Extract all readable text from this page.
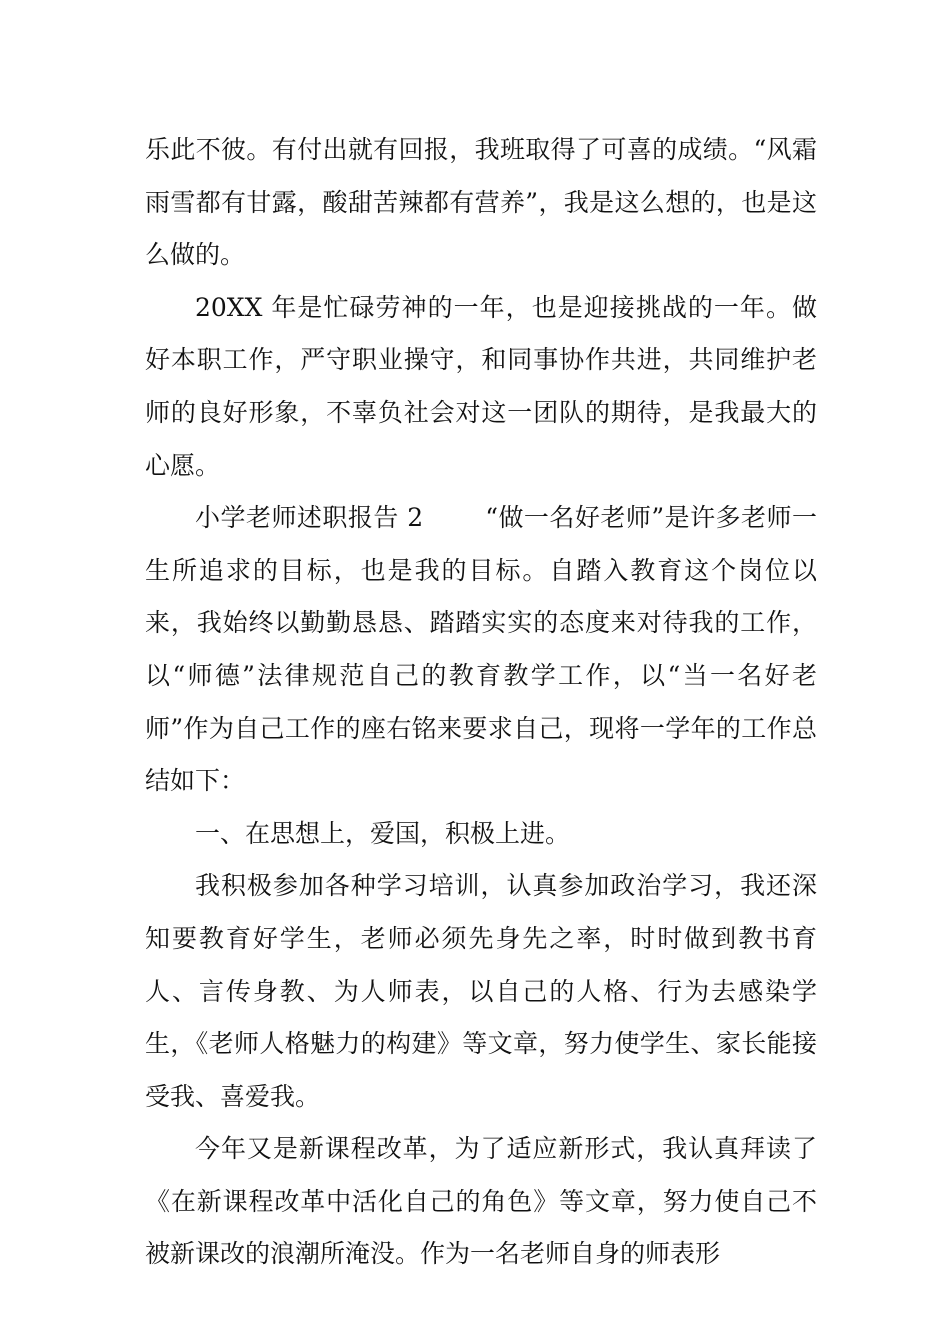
乐此不彼。有付出就有回报，我班取得了可喜的成绩。“风霜雨雪都有甘露，酸甜苦辣都有营养”，我是这么想的，也是这么做的。

20XX 年是忙碌劳神的一年，也是迎接挑战的一年。做好本职工作，严守职业操守，和同事协作共进，共同维护老师的良好形象，不辜负社会对这一团队的期待，是我最大的心愿。

小学老师述职报告 2 “做一名好老师”是许多老师一生所追求的目标，也是我的目标。自踏入教育这个岗位以来，我始终以勤勤恳恳、踏踏实实的态度来对待我的工作，以“师德”法律规范自己的教育教学工作，以“当一名好老师”作为自己工作的座右铭来要求自己，现将一学年的工作总结如下：

一、在思想上，爱国，积极上进。

我积极参加各种学习培训，认真参加政治学习，我还深知要教育好学生，老师必须先身先之率，时时做到教书育人、言传身教、为人师表，以自己的人格、行为去感染学生，《老师人格魅力的构建》等文章，努力使学生、家长能接受我、喜爱我。

今年又是新课程改革，为了适应新形式，我认真拜读了《在新课程改革中活化自己的角色》等文章，努力使自己不被新课改的浪潮所淹没。作为一名老师自身的师表形
